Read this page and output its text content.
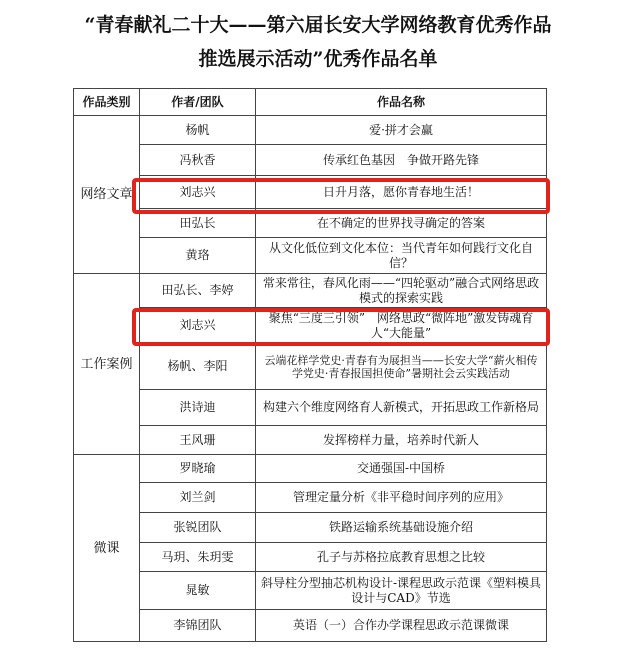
“青春献礼二十大——第六届长安大学网络教育优秀作品
推选展示活动”优秀作品名单
作品类别	作者/团队	作品名称
网络文章	杨帆	爱·拼才会赢
	冯秋香	传承红色基因　争做开路先锋
	刘志兴	日升月落，愿你青春地生活！
	田弘长	在不确定的世界找寻确定的答案
	黄珞	从文化低位到文化本位：当代青年如何践行文化自信？
工作案例	田弘长、李婷	常来常往，春风化雨——“四轮驱动”融合式网络思政模式的探索实践
	刘志兴	聚焦“三度三引领”　网络思政“微阵地”激发铸魂育人“大能量”
	杨帆、李阳	云端花样学党史·青春有为展担当——长安大学“薪火相传学党史·青春报国担使命”暑期社会云实践活动
	洪诗迪	构建六个维度网络育人新模式，开拓思政工作新格局
	王风珊	发挥榜样力量，培养时代新人
微课	罗晓瑜	交通强国-中国桥
	刘兰剑	管理定量分析《非平稳时间序列的应用》
	张锐团队	铁路运输系统基础设施介绍
	马玥、朱玥雯	孔子与苏格拉底教育思想之比较
	晁敏	斜导柱分型抽芯机构设计-课程思政示范课《塑料模具设计与CAD》节选
	李锦团队	英语（一）合作办学课程思政示范课微课
